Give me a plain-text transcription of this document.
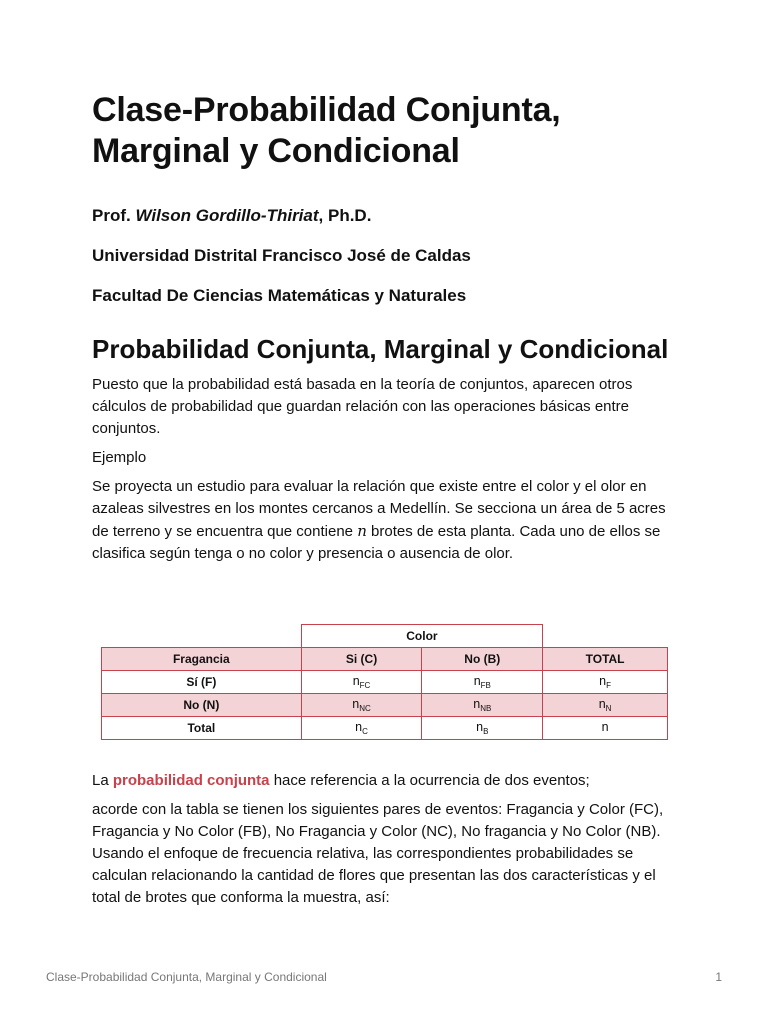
Clase-Probabilidad Conjunta, Marginal y Condicional

Prof. Wilson Gordillo-Thiriat, Ph.D.

Universidad Distrital Francisco José de Caldas

Facultad De Ciencias Matemáticas y Naturales

Probabilidad Conjunta, Marginal y Condicional

Puesto que la probabilidad está basada en la teoría de conjuntos, aparecen otros cálculos de probabilidad que guardan relación con las operaciones básicas entre conjuntos.

Ejemplo

Se proyecta un estudio para evaluar la relación que existe entre el color y el olor en azaleas silvestres en los montes cercanos a Medellín. Se secciona un área de 5 acres de terreno y se encuentra que contiene n brotes de esta planta. Cada uno de ellos se clasifica según tenga o no color y presencia o ausencia de olor.

	Color		
Fragancia	Si (C)	No (B)	TOTAL
Sí (F)	$n_{FC}$	$n_{FB}$	$n_F$
No (N)	$n_{NC}$	$n_{NB}$	$n_N$
Total	$n_C$	$n_B$	n

La probabilidad conjunta hace referencia a la ocurrencia de dos eventos;

acorde con la tabla se tienen los siguientes pares de eventos: Fragancia y Color (FC), Fragancia y No Color (FB), No Fragancia y Color (NC), No fragancia y No Color (NB). Usando el enfoque de frecuencia relativa, las correspondientes probabilidades se calculan relacionando la cantidad de flores que presentan las dos características y el total de brotes que conforma la muestra, así:

Clase-Probabilidad Conjunta, Marginal y Condicional	1
